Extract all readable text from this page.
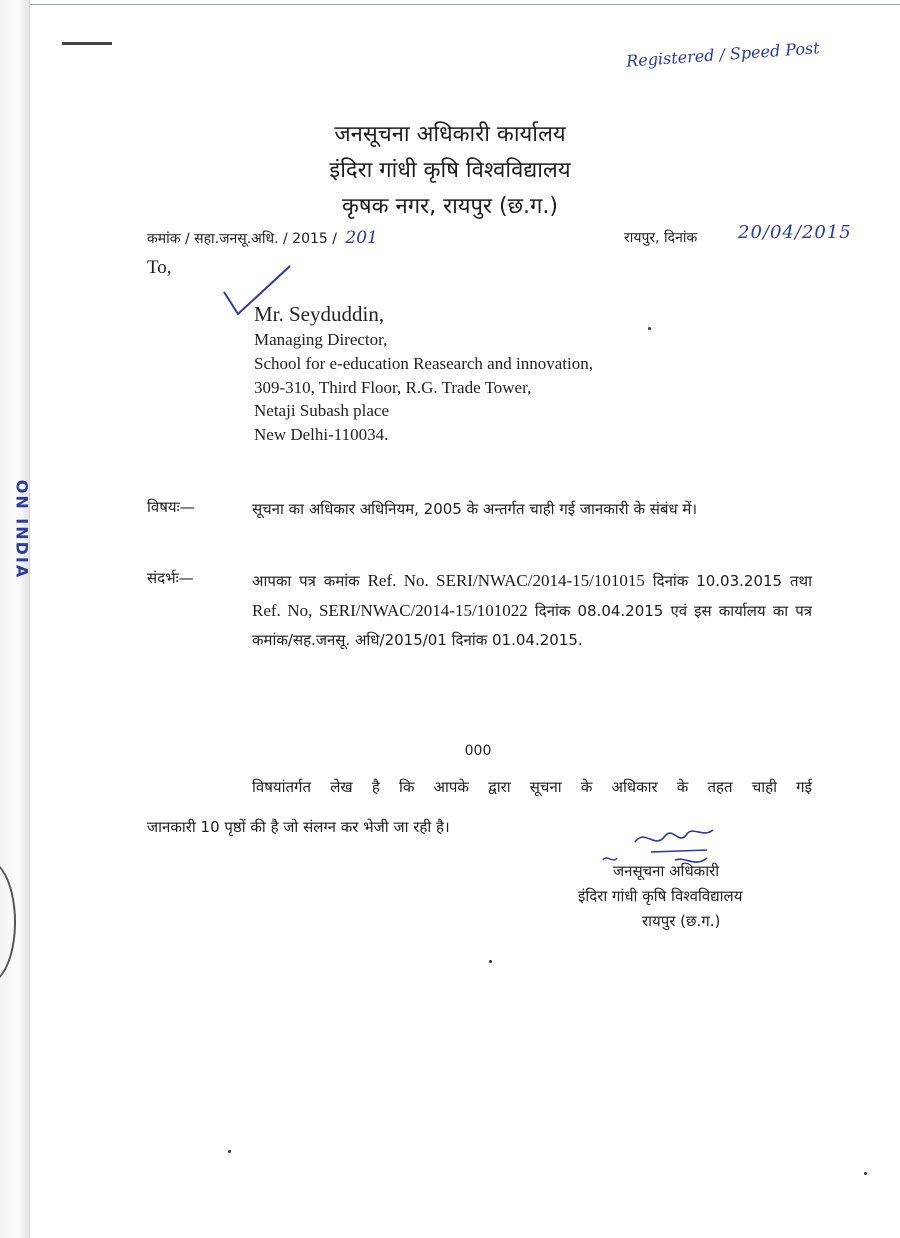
ON INDIA
Registered / Speed Post
जनसूचना अधिकारी कार्यालय
इंदिरा गांधी कृषि विश्वविद्यालय
कृषक नगर, रायपुर (छ.ग.)
कमांक / सहा.जनसू.अधि. / 2015 / 201	रायपुर, दिनांक 20/04/2015
To,
Mr. Seyduddin,
Managing Director,
School for e-education Reasearch and innovation,
309-310, Third Floor, R.G. Trade Tower,
Netaji Subash place
New Delhi-110034.
विषयः—	सूचना का अधिकार अधिनियम, 2005 के अन्तर्गत चाही गई जानकारी के संबंध में।
संदर्भः—	आपका पत्र कमांक Ref. No. SERI/NWAC/2014-15/101015 दिनांक 10.03.2015 तथा Ref. No, SERI/NWAC/2014-15/101022 दिनांक 08.04.2015 एवं इस कार्यालय का पत्र कमांक/सह.जनसू. अधि/2015/01 दिनांक 01.04.2015.
000
विषयांतर्गत लेख है कि आपके द्वारा सूचना के अधिकार के तहत चाही गई
जानकारी 10 पृष्ठों की है जो संलग्न कर भेजी जा रही है।
जनसूचना अधिकारी
इंदिरा गांधी कृषि विश्वविद्यालय
रायपुर (छ.ग.)
